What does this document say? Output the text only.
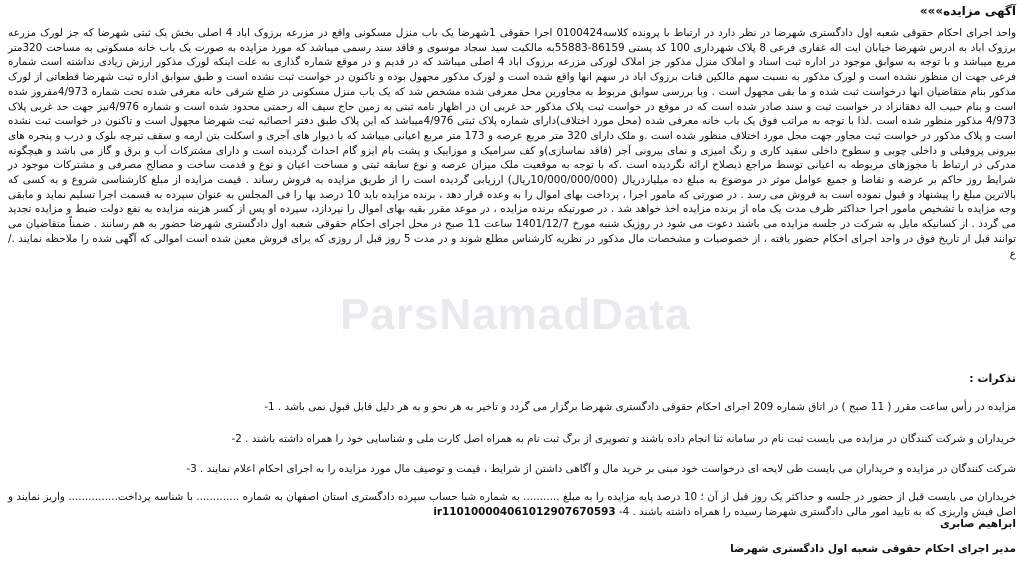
آگهی مزایده»»»
واحد اجرای احکام حقوقی شعبه اول دادگستری شهرضا در نظر دارد در ارتباط با پرونده کلاسه0100424 اجرا حقوقی 1شهرضا یک باب منزل مسکونی واقع در مزرعه برزوک اباد 4 اصلی بخش یک ثبتی شهرضا که جز لورک مزرعه برزوک اباد به ادرس شهرضا خیابان ایت اله غفاری فرعی 8 پلاک شهرداری 100 کد پستی 86159-55883به مالکیت سید سجاد موسوی و فاقد سند رسمی میباشد که مورد مزایده به صورت یک باب خانه مسکونی به مساحت 320متر مربع میباشد و با توجه به سوابق موجود در اداره ثبت اسناد و املاک منزل مذکور جز املاک لورکی مزرعه برزوک اباد 4 اصلی میباشد که در قدیم و در موقع شماره گذاری به علت اینکه لورک مذکور ارزش زیادی نداشته است شماره فرعی جهت ان منظور نشده است و لورک مذکور به نسبت سهم مالکین قنات برزوک اباد در سهم انها واقع شده است و لورک مذکور مجهول بوده و تاکنون در خواست ثبت نشده است و طبق سوابق اداره ثبت شهرضا قطعاتی از لورک مذکور بنام متقاضیان انها درخواست ثبت شده و ما بقی مجهول است . وبا بررسی سوابق مربوط به مجاورین محل معرفی شده مشخص شد که یک باب منزل مسکونی در ضلع شرقی خانه معرفی شده تحت شماره 4/973مفروز شده است و بنام حبیب اله دهقانزاد در خواست ثبت و سند صادر شده است که در موقع در خواست ثبت پلاک مذکور حد غربی ان در اظهار نامه ثبتی به زمین حاج سیف اله رحمتی محدود شده است و شماره 4/976نیز جهت حد غربی پلاک 4/973 مذکور منظور شده است .لذا با توجه به مراتب فوق یک باب خانه معرفی شده (محل مورد اختلاف)دارای شماره پلاک ثبتی 4/976میباشد که این پلاک طبق دفتر احصائیه ثبت شهرضا مجهول است و تاکنون در خواست ثبت نشده است و پلاک مذکور در خواست ثبت مجاور جهت محل مورد اختلاف منظور شده است .و ملک دارای 320 متر مربع عرصه و 173 متر مربع اعیانی میباشد که با دیوار های آجری و اسکلت بتن ارمه و سقف تیرچه بلوک و درب و پنجره های بیرونی پروفیلی و داخلی چوبی و سطوح داخلی سفید کاری و رنگ امیزی و نمای بیرونی آجر (فاقد نماسازی)و کف سرامیک و موزاییک و پشت بام ایزو گام احداث گردیده است و دارای مشترکات آب و برق و گاز می باشد و هیچگونه مدرکی در ارتباط با مجوزهای مربوطه به اعیانی توسط مراجع ذیصلاح ارائه نگردیده است .که با توجه به موقعیت ملک میزان عرصه و نوع سابقه ثبتی و مساحت اعیان و نوع و قدمت ساخت و مصالح مصرفی و مشترکات موجود در شرایط روز حاکم بر عرضه و تقاضا و جمیع عوامل موثر در موضوع به مبلغ ده میلیاردریال (10/000/000/000ریال) ارزیابی گردیده است را از طریق مزایده به فروش رساند . قیمت مزایده از مبلغ کارشناسی شروع و به کسی که بالاترین مبلغ را پیشنهاد و قبول نموده است به فروش می رسد . در صورتی که مامور اجرا ، پرداخت بهای اموال را به وعده قرار دهد ، برنده مزایده باید 10 درصد بها را فی المجلس به عنوان سپرده به قسمت اجرا تسلیم نماید و مابقی وجه مزایده با تشخیص مامور اجرا حداکثر ظرف مدت یک ماه از برنده مزایده اخذ خواهد شد . در صورتیکه برنده مزایده ، در موعد مقرر بقیه بهای اموال را نپردازد، سپرده او پس از کسر هزینه مزایده به نفع دولت ضبط و مزایده تجدید می گردد . از کسانیکه مایل به شرکت در جلسه مزایده می باشند دعوت می شود در روزیک شنبه مورخ 1401/12/7 ساعت 11 صبح در محل اجرای احکام حقوقی شعبه اول دادگستری شهرضا حضور به هم رسانند . ضمناً متقاضیان می توانند قبل از تاریخ فوق در واحد اجرای احکام حضور یافته ، از خصوصیات و مشخصات مال مذکور در نظریه کارشناس مطلع شوند و در مدت 5 روز قبل از روزی که برای فروش معین شده است اموالی که آگهی شده را ملاحظه نمایند ./ع
تذکرات :
مزایده در رأس ساعت مقرر ( 11 صبح ) در اتاق شماره 209 اجرای احکام حقوقی دادگستری شهرضا برگزار می گردد و تاخیر به هر نحو و به هر دلیل قابل قبول نمی باشد . 1-
خریداران و شرکت کنندگان در مزایده می بایست ثبت نام در سامانه ثنا انجام داده باشند و تصویری از برگ ثبت نام به همراه اصل کارت ملی و شناسایی خود را همراه داشته باشند . 2-
شرکت کنندگان در مزایده و خریداران می بایست طی لایحه ای درخواست خود مبنی بر خرید مال و آگاهی داشتن از شرایط ، قیمت و توصیف مال مورد مزایده را به اجرای احکام اعلام نمایند . 3-
خریداران می بایست قبل از حضور در جلسه و حداکثر یک روز قبل از آن ؛ 10 درصد پایه مزایده را به مبلغ ........... به شماره شبا حساب سپرده دادگستری استان اصفهان به شماره ............. با شناسه پرداخت............... واریز نمایند و اصل فیش واریزی که به تایید امور مالی دادگستری شهرضا رسیده را همراه داشته باشند . 4- ir110100004061012907670593
ابراهیم صابری
مدیر اجرای احکام حقوقی شعبه اول دادگستری شهرضا
ParsNamadData
